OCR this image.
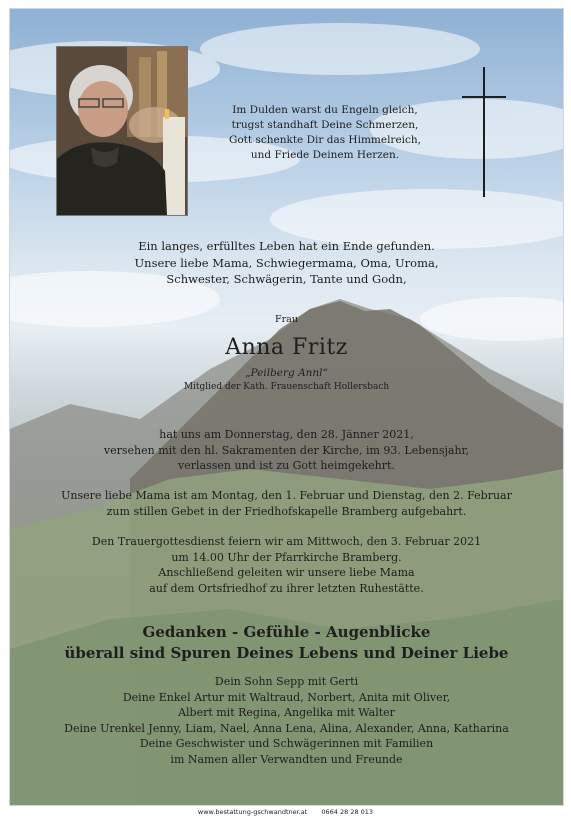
Im Dulden warst du Engeln gleich,
trugst standhaft Deine Schmerzen,
Gott schenkte Dir das Himmelreich,
und Friede Deinem Herzen.
Ein langes, erfülltes Leben hat ein Ende gefunden.
Unsere liebe Mama, Schwiegermama, Oma, Uroma,
Schwester, Schwägerin, Tante und Godn,
Frau
Anna Fritz
„Peilberg Annl“
Mitglied der Kath. Frauenschaft Hollersbach
hat uns am Donnerstag, den 28. Jänner 2021,
versehen mit den hl. Sakramenten der Kirche, im 93. Lebensjahr,
verlassen und ist zu Gott heimgekehrt.
Unsere liebe Mama ist am Montag, den 1. Februar und Dienstag, den 2. Februar
zum stillen Gebet in der Friedhofskapelle Bramberg aufgebahrt.
Den Trauergottesdienst feiern wir am Mittwoch, den 3. Februar 2021
um 14.00 Uhr der Pfarrkirche Bramberg.
Anschließend geleiten wir unsere liebe Mama
auf dem Ortsfriedhof zu ihrer letzten Ruhestätte.
Gedanken - Gefühle - Augenblicke
überall sind Spuren Deines Lebens und Deiner Liebe
Dein Sohn Sepp mit Gerti
Deine Enkel Artur mit Waltraud, Norbert, Anita mit Oliver,
Albert mit Regina, Angelika mit Walter
Deine Urenkel Jenny, Liam, Nael, Anna Lena, Alina, Alexander, Anna, Katharina
Deine Geschwister und Schwägerinnen mit Familien
im Namen aller Verwandten und Freunde
www.bestattung-gschwandtner.at 0664 28 28 013
